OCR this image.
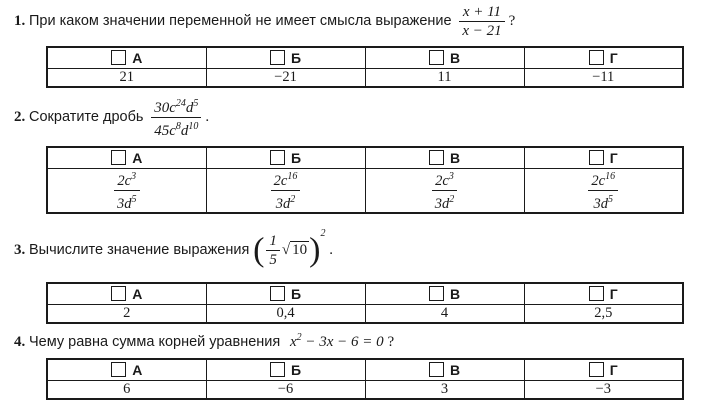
1. При каком значении переменной не имеет смысла выражение $\frac{x + 11}{x - 21}$ ?
А	Б	В	Г
21	−21	11	−11
2. Сократите дробь $\frac{30c^{24}d^5}{45c^8d^{10}}$ .
А	Б	В	Г

$\frac{2c^3}{3d^5}$	$\frac{2c^{16}}{3d^2}$	$\frac{2c^3}{3d^2}$	$\frac{2c^{16}}{3d^5}$
3. Вычислите значение выражения ( $\frac{1}{5}$ √ 10)$^2$ .
А	Б	В	Г
2	0,4	4	2,5
4. Чему равна сумма корней уравнения $x^2 - 3x - 6 = 0$ ?
А	Б	В	Г
6	−6	3	−3
